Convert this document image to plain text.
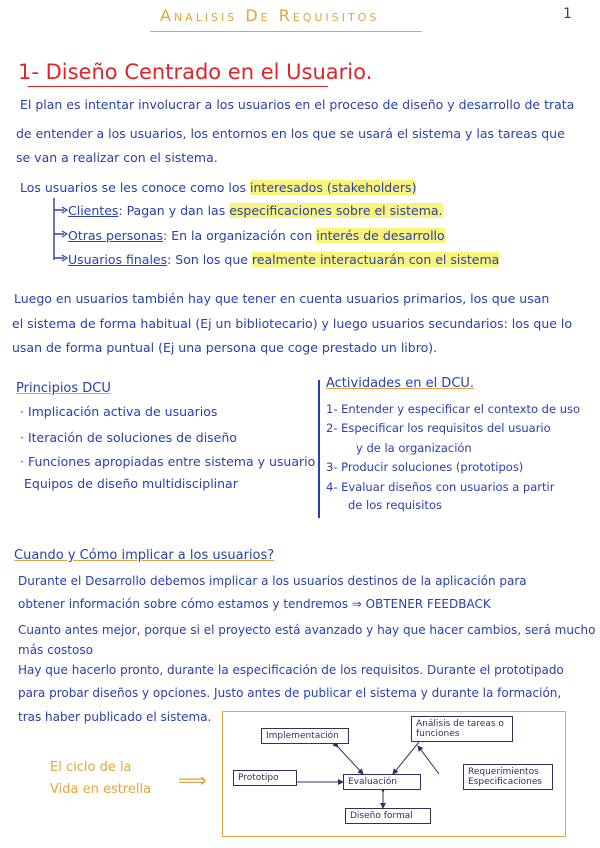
Analisis De Requisitos	1
1- Diseño Centrado en el Usuario.
El plan es intentar involucrar a los usuarios en el proceso de diseño y desarrollo de trata
de entender a los usuarios, los entornos en los que se usará el sistema y las tareas que
se van a realizar con el sistema.
Los usuarios se les conoce como los interesados (stakeholders)
Clientes: Pagan y dan las especificaciones sobre el sistema.
Otras personas: En la organización con interés de desarrollo
Usuarios finales: Son los que realmente interactuarán con el sistema
Luego en usuarios también hay que tener en cuenta usuarios primarios, los que usan
el sistema de forma habitual (Ej un bibliotecario) y luego usuarios secundarios: los que lo
usan de forma puntual (Ej una persona que coge prestado un libro).
Principios DCU
· Implicación activa de usuarios
· Iteración de soluciones de diseño
· Funciones apropiadas entre sistema y usuario
Equipos de diseño multidisciplinar
Actividades en el DCU.
1- Entender y especificar el contexto de uso
2- Especificar los requisitos del usuario
y de la organización
3- Producir soluciones (prototipos)
4- Evaluar diseños con usuarios a partir
de los requisitos
Cuando y Cómo implicar a los usuarios?
Durante el Desarrollo debemos implicar a los usuarios destinos de la aplicación para
obtener información sobre cómo estamos y tendremos ⇒ OBTENER FEEDBACK
Cuanto antes mejor, porque si el proyecto está avanzado y hay que hacer cambios, será mucho
más costoso
Hay que hacerlo pronto, durante la especificación de los requisitos. Durante el prototipado
para probar diseños y opciones. Justo antes de publicar el sistema y durante la formación,
tras haber publicado el sistema.
El ciclo de la
Vida en estrella ⟹
Implementación
Análisis de tareas o funciones
Prototipo	Evaluación
Requerimientos Especificaciones
Diseño formal
